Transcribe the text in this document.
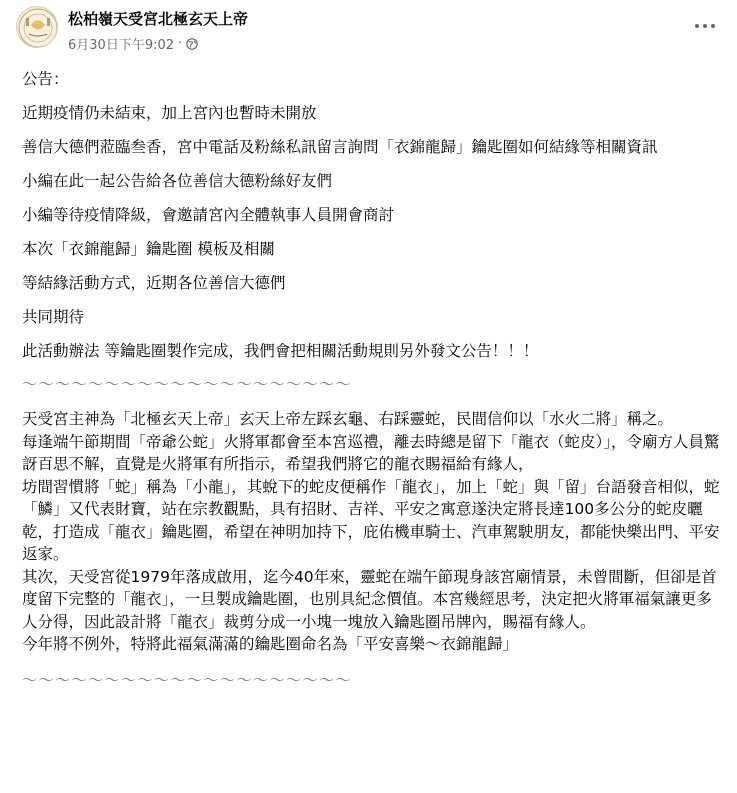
松柏嶺天受宮北極玄天上帝
6月30日下午9:02 ·

公告：

近期疫情仍未結束，加上宮內也暫時未開放

善信大德們蒞臨叁香，宮中電話及粉絲私訊留言詢問「衣錦龍歸」鑰匙圈如何結緣等相關資訊

小編在此一起公告給各位善信大德粉絲好友們

小編等待疫情降級，會邀請宮內全體執事人員開會商討

本次「衣錦龍歸」鑰匙圈 模板及相關

等結緣活動方式，近期各位善信大德們

共同期待

此活動辦法 等鑰匙圈製作完成，我們會把相關活動規則另外發文公告！！！

～～～～～～～～～～～～～～～～～～～～

天受宮主神為「北極玄天上帝」玄天上帝左踩玄龜、右踩靈蛇，民間信仰以「水火二將」稱之。

每逢端午節期間「帝爺公蛇」火將軍都會至本宮巡禮，離去時總是留下「龍衣（蛇皮）」，令廟方人員驚訝百思不解，直覺是火將軍有所指示，希望我們將它的龍衣賜福給有緣人，

坊間習慣將「蛇」稱為「小龍」，其蛻下的蛇皮便稱作「龍衣」，加上「蛇」與「留」台語發音相似，蛇「鱗」又代表財寶，站在宗教觀點，具有招財、吉祥、平安之寓意遂決定將長達100多公分的蛇皮曬乾，打造成「龍衣」鑰匙圈，希望在神明加持下，庇佑機車騎士、汽車駕駛朋友，都能快樂出門、平安返家。

其次，天受宮從1979年落成啟用，迄今40年來，靈蛇在端午節現身該宮廟情景，未曾間斷，但卻是首度留下完整的「龍衣」，一旦製成鑰匙圈，也別具紀念價值。本宮幾經思考，決定把火將軍福氣讓更多人分得，因此設計將「龍衣」裁剪分成一小塊一塊放入鑰匙圈吊牌內，賜福有緣人。

今年將不例外，特將此福氣滿滿的鑰匙圈命名為「平安喜樂～衣錦龍歸」

～～～～～～～～～～～～～～～～～～～～
